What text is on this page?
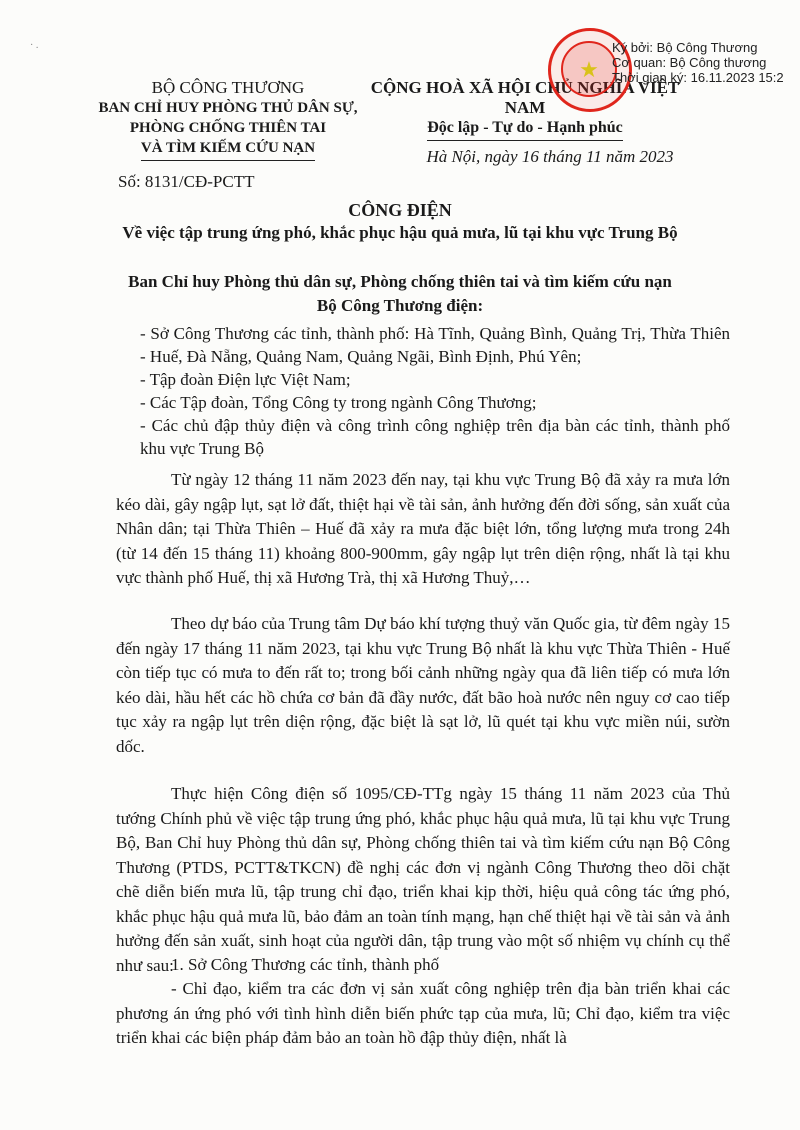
· .
BỘ CÔNG THƯƠNG
BAN CHỈ HUY PHÒNG THỦ DÂN SỰ,
PHÒNG CHỐNG THIÊN TAI
VÀ TÌM KIẾM CỨU NẠN
Số: 8131/CĐ-PCTT
CỘNG HOÀ XÃ HỘI CHỦ NGHĨA VIỆT NAM
Độc lập - Tự do - Hạnh phúc
Hà Nội, ngày 16 tháng 11 năm 2023
★
Ký bởi: Bộ Công Thương
Cơ quan: Bộ Công thương
Thời gian ký: 16.11.2023 15:2
CÔNG ĐIỆN
Về việc tập trung ứng phó, khắc phục hậu quả mưa, lũ tại khu vực Trung Bộ
Ban Chỉ huy Phòng thủ dân sự, Phòng chống thiên tai và tìm kiếm cứu nạn
Bộ Công Thương điện:
- Sở Công Thương các tỉnh, thành phố: Hà Tĩnh, Quảng Bình, Quảng Trị, Thừa Thiên - Huế, Đà Nẵng, Quảng Nam, Quảng Ngãi, Bình Định, Phú Yên;
- Tập đoàn Điện lực Việt Nam;
- Các Tập đoàn, Tổng Công ty trong ngành Công Thương;
- Các chủ đập thủy điện và công trình công nghiệp trên địa bàn các tỉnh, thành phố khu vực Trung Bộ
Từ ngày 12 tháng 11 năm 2023 đến nay, tại khu vực Trung Bộ đã xảy ra mưa lớn kéo dài, gây ngập lụt, sạt lở đất, thiệt hại về tài sản, ảnh hưởng đến đời sống, sản xuất của Nhân dân; tại Thừa Thiên – Huế đã xảy ra mưa đặc biệt lớn, tổng lượng mưa trong 24h (từ 14 đến 15 tháng 11) khoảng 800-900mm, gây ngập lụt trên diện rộng, nhất là tại khu vực thành phố Huế, thị xã Hương Trà, thị xã Hương Thuỷ,…
Theo dự báo của Trung tâm Dự báo khí tượng thuỷ văn Quốc gia, từ đêm ngày 15 đến ngày 17 tháng 11 năm 2023, tại khu vực Trung Bộ nhất là khu vực Thừa Thiên - Huế còn tiếp tục có mưa to đến rất to; trong bối cảnh những ngày qua đã liên tiếp có mưa lớn kéo dài, hầu hết các hồ chứa cơ bản đã đầy nước, đất bão hoà nước nên nguy cơ cao tiếp tục xảy ra ngập lụt trên diện rộng, đặc biệt là sạt lở, lũ quét tại khu vực miền núi, sườn dốc.
Thực hiện Công điện số 1095/CĐ-TTg ngày 15 tháng 11 năm 2023 của Thủ tướng Chính phủ về việc tập trung ứng phó, khắc phục hậu quả mưa, lũ tại khu vực Trung Bộ, Ban Chỉ huy Phòng thủ dân sự, Phòng chống thiên tai và tìm kiếm cứu nạn Bộ Công Thương (PTDS, PCTT&TKCN) đề nghị các đơn vị ngành Công Thương theo dõi chặt chẽ diễn biến mưa lũ, tập trung chỉ đạo, triển khai kịp thời, hiệu quả công tác ứng phó, khắc phục hậu quả mưa lũ, bảo đảm an toàn tính mạng, hạn chế thiệt hại về tài sản và ảnh hưởng đến sản xuất, sinh hoạt của người dân, tập trung vào một số nhiệm vụ chính cụ thể như sau:
1. Sở Công Thương các tỉnh, thành phố
- Chỉ đạo, kiểm tra các đơn vị sản xuất công nghiệp trên địa bàn triển khai các phương án ứng phó với tình hình diễn biến phức tạp của mưa, lũ; Chỉ đạo, kiểm tra việc triển khai các biện pháp đảm bảo an toàn hồ đập thủy điện, nhất là
